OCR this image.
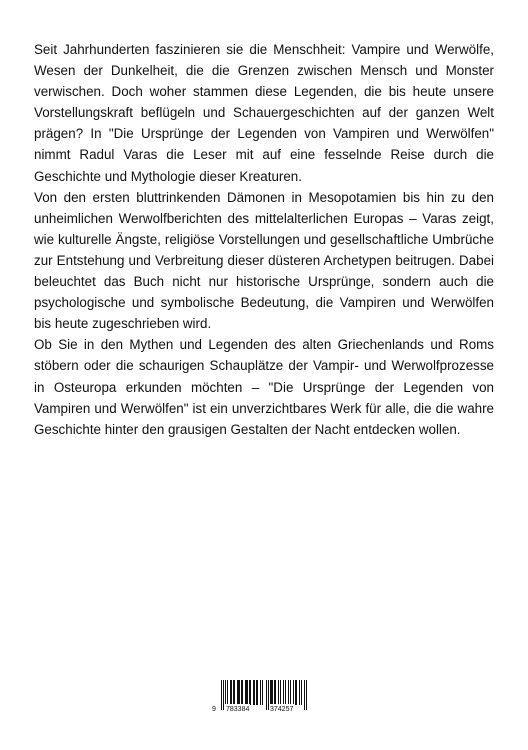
Seit Jahrhunderten faszinieren sie die Menschheit: Vampire und Werwölfe, Wesen der Dunkelheit, die die Grenzen zwischen Mensch und Monster verwischen. Doch woher stammen diese Legenden, die bis heute unsere Vorstellungskraft beflügeln und Schauergeschichten auf der ganzen Welt prägen? In "Die Ursprünge der Legenden von Vampiren und Werwölfen" nimmt Radul Varas die Leser mit auf eine fesselnde Reise durch die Geschichte und Mythologie dieser Kreaturen.

Von den ersten bluttrinkenden Dämonen in Mesopotamien bis hin zu den unheimlichen Werwolfberichten des mittelalterlichen Europas – Varas zeigt, wie kulturelle Ängste, religiöse Vorstellungen und gesellschaftliche Umbrüche zur Entstehung und Verbreitung dieser düsteren Archetypen beitrugen. Dabei beleuchtet das Buch nicht nur historische Ursprünge, sondern auch die psychologische und symbolische Bedeutung, die Vampiren und Werwölfen bis heute zugeschrieben wird.

Ob Sie in den Mythen und Legenden des alten Griechenlands und Roms stöbern oder die schaurigen Schauplätze der Vampir- und Werwolfprozesse in Osteuropa erkunden möchten – "Die Ursprünge der Legenden von Vampiren und Werwölfen" ist ein unverzichtbares Werk für alle, die die wahre Geschichte hinter den grausigen Gestalten der Nacht entdecken wollen.

9 783384	374257
